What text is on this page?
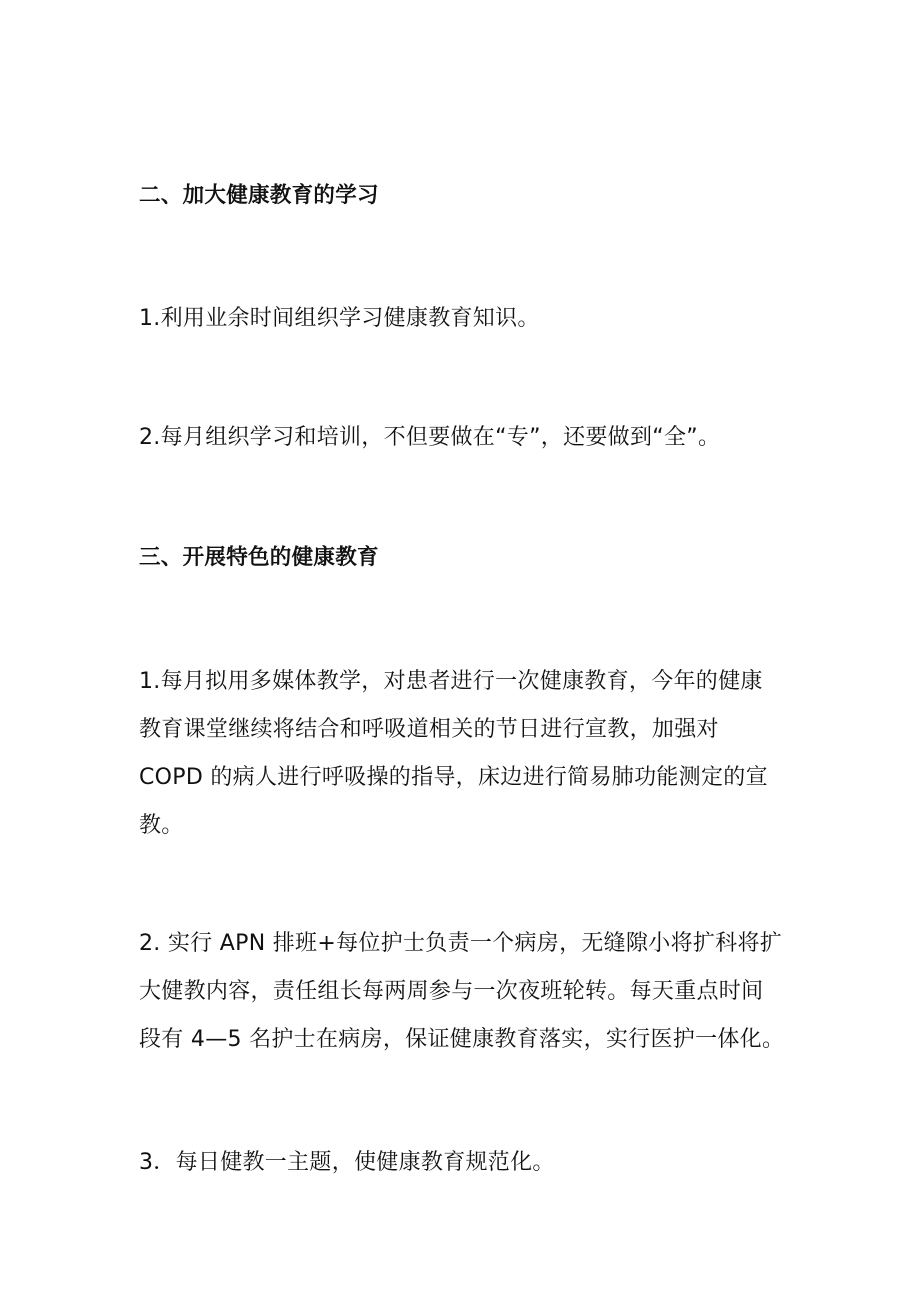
二、加大健康教育的学习

1.利用业余时间组织学习健康教育知识。

2.每月组织学习和培训，不但要做在“专”，还要做到“全”。

三、开展特色的健康教育

1.每月拟用多媒体教学，对患者进行一次健康教育，今年的健康
教育课堂继续将结合和呼吸道相关的节日进行宣教，加强对
COPD 的病人进行呼吸操的指导，床边进行简易肺功能测定的宣
教。

2. 实行 APN 排班+每位护士负责一个病房，无缝隙小将扩科将扩
大健教内容，责任组长每两周参与一次夜班轮转。每天重点时间
段有 4—5 名护士在病房，保证健康教育落实，实行医护一体化。

3．每日健教一主题，使健康教育规范化。
